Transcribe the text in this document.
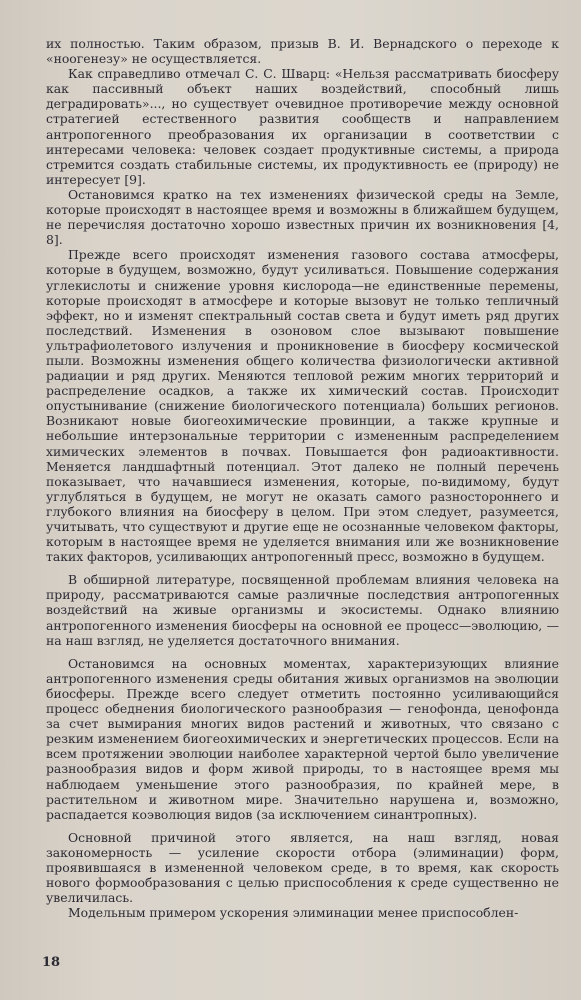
их полностью. Таким образом, призыв В. И. Вернадского о переходе к «ноогенезу» не осуществляется.

Как справедливо отмечал С. С. Шварц: «Нельзя рассматривать биосферу как пассивный объект наших воздействий, способный лишь деградировать»..., но существует очевидное противоречие между основной стратегией естественного развития сообществ и направлением антропогенного преобразования их организации в соответствии с интересами человека: человек создает продуктивные системы, а природа стремится создать стабильные системы, их продуктивность ее (природу) не интересует [9].

Остановимся кратко на тех изменениях физической среды на Земле, которые происходят в настоящее время и возможны в ближайшем будущем, не перечисляя достаточно хорошо известных причин их возникновения [4, 8].

Прежде всего происходят изменения газового состава атмосферы, которые в будущем, возможно, будут усиливаться. Повышение содержания углекислоты и снижение уровня кислорода—не единственные перемены, которые происходят в атмосфере и которые вызовут не только тепличный эффект, но и изменят спектральный состав света и будут иметь ряд других последствий. Изменения в озоновом слое вызывают повышение ультрафиолетового излучения и проникновение в биосферу космической пыли. Возможны изменения общего количества физиологически активной радиации и ряд других. Меняются тепловой режим многих территорий и распределение осадков, а также их химический состав. Происходит опустынивание (снижение биологического потенциала) больших регионов. Возникают новые биогеохимические провинции, а также крупные и небольшие интерзональные территории с измененным распределением химических элементов в почвах. Повышается фон радиоактивности. Меняется ландшафтный потенциал. Этот далеко не полный перечень показывает, что начавшиеся изменения, которые, по-видимому, будут углубляться в будущем, не могут не оказать самого разностороннего и глубокого влияния на биосферу в целом. При этом следует, разумеется, учитывать, что существуют и другие еще не осознанные человеком факторы, которым в настоящее время не уделяется внимания или же возникновение таких факторов, усиливающих антропогенный пресс, возможно в будущем.

В обширной литературе, посвященной проблемам влияния человека на природу, рассматриваются самые различные последствия антропогенных воздействий на живые организмы и экосистемы. Однако влиянию антропогенного изменения биосферы на основной ее процесс—эволюцию, — на наш взгляд, не уделяется достаточного внимания.

Остановимся на основных моментах, характеризующих влияние антропогенного изменения среды обитания живых организмов на эволюции биосферы. Прежде всего следует отметить постоянно усиливающийся процесс обеднения биологического разнообразия — генофонда, ценофонда за счет вымирания многих видов растений и животных, что связано с резким изменением биогеохимических и энергетических процессов. Если на всем протяжении эволюции наиболее характерной чертой было увеличение разнообразия видов и форм живой природы, то в настоящее время мы наблюдаем уменьшение этого разнообразия, по крайней мере, в растительном и животном мире. Значительно нарушена и, возможно, распадается коэволюция видов (за исключением синантропных).

Основной причиной этого является, на наш взгляд, новая закономерность — усиление скорости отбора (элиминации) форм, проявившаяся в измененной человеком среде, в то время, как скорость нового формообразования с целью приспособления к среде существенно не увеличилась.

Модельным примером ускорения элиминации менее приспособлен-

18
